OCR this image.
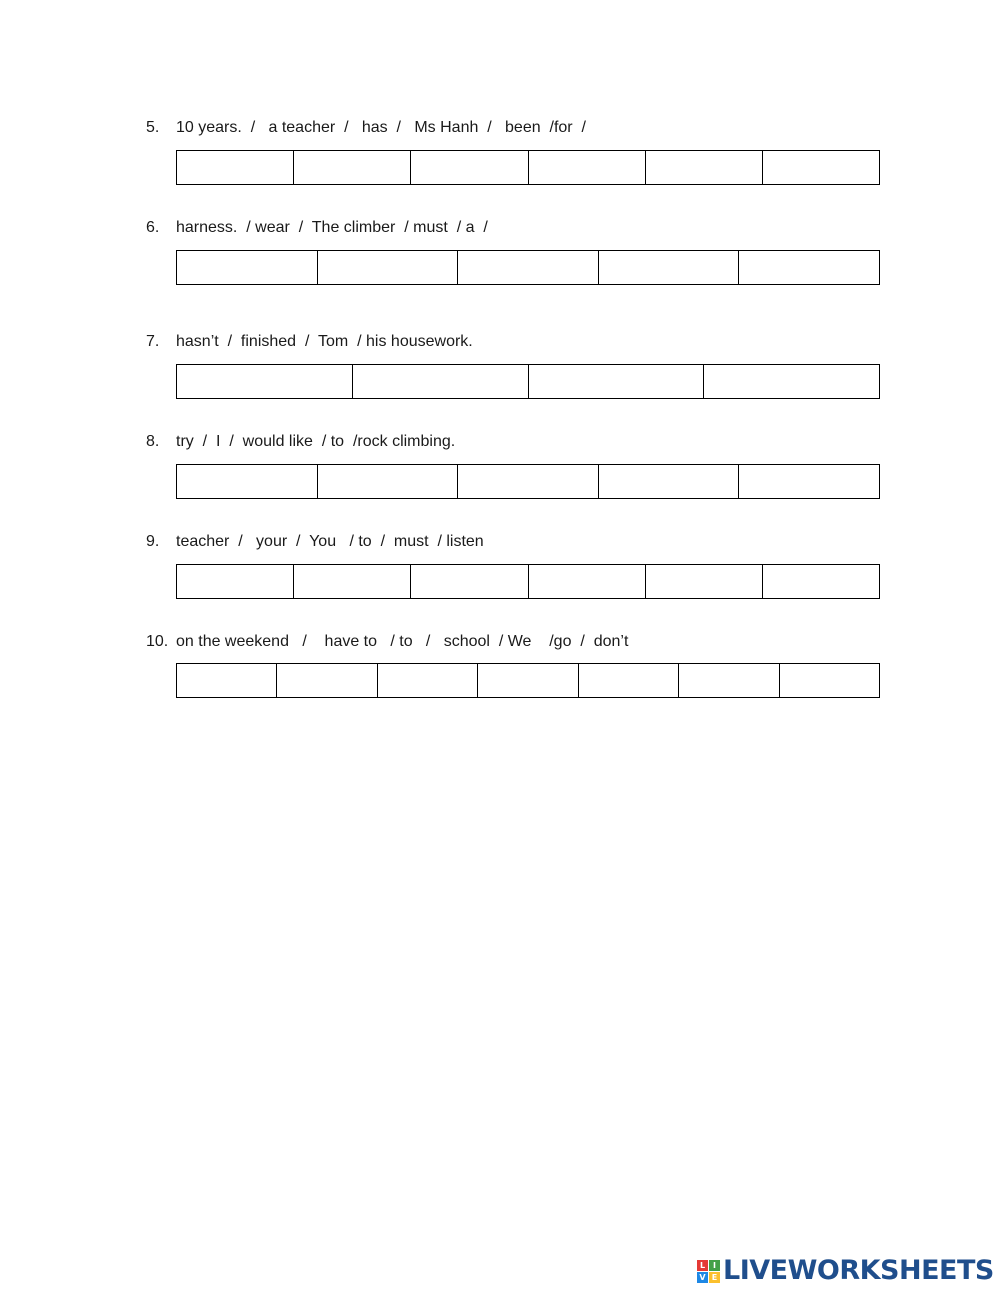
5.

10 years.  /   a teacher  /   has  /   Ms Hanh  /   been  /for  /

6.

harness.  / wear  /  The climber  / must  / a  /

7.

hasn’t  /  finished  /  Tom  / his housework.

8.

try  /  I  /  would like  / to  /rock climbing.

9.

teacher  /   your  /  You   / to  /  must  / listen

10.

on the weekend   /    have to   / to   /   school  / We    /go  /  don’t

L I
V E LIVEWORKSHEETS
